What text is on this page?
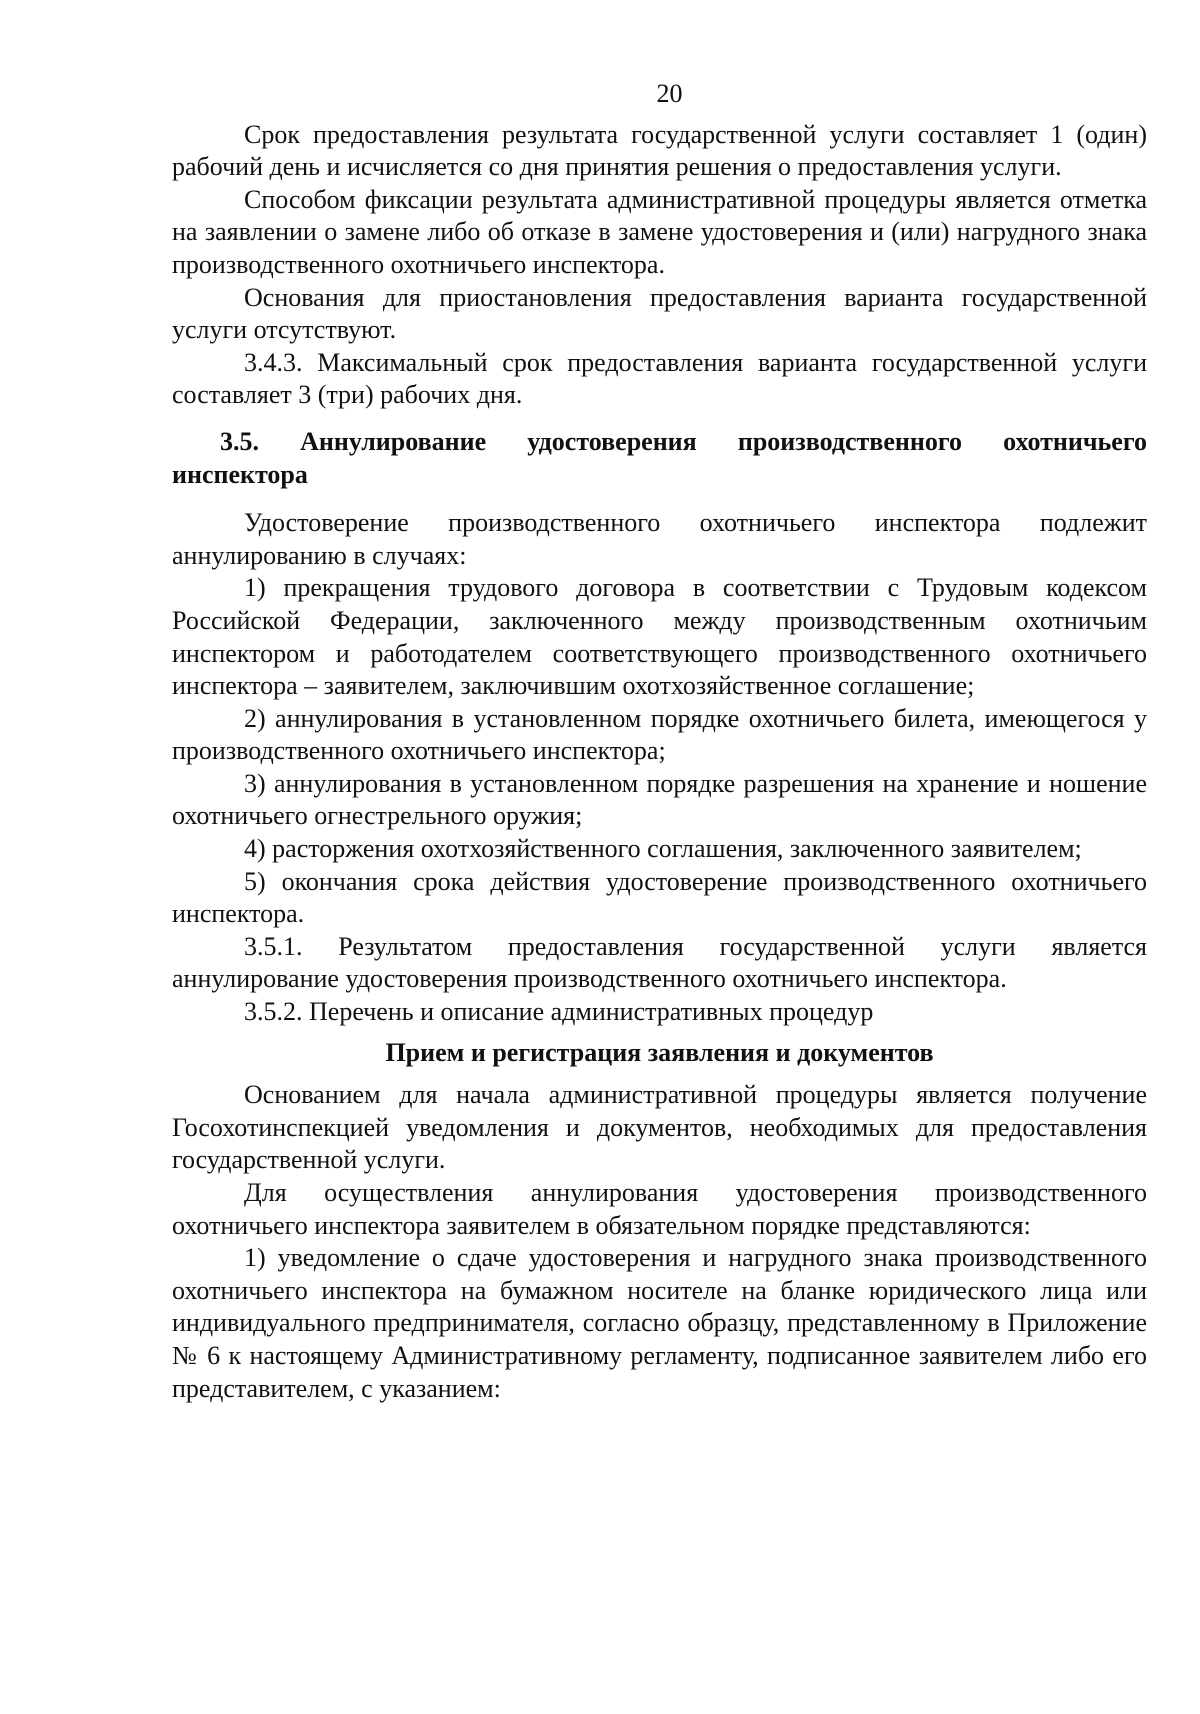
20

Срок предоставления результата государственной услуги составляет 1 (один) рабочий день и исчисляется со дня принятия решения о предоставления услуги.

Способом фиксации результата административной процедуры является отметка на заявлении о замене либо об отказе в замене удостоверения и (или) нагрудного знака производственного охотничьего инспектора.

Основания для приостановления предоставления варианта государственной услуги отсутствуют.

3.4.3. Максимальный срок предоставления варианта государственной услуги составляет 3 (три) рабочих дня.

3.5. Аннулирование удостоверения производственного охотничьего инспектора

Удостоверение производственного охотничьего инспектора подлежит аннулированию в случаях:

1) прекращения трудового договора в соответствии с Трудовым кодексом Российской Федерации, заключенного между производственным охотничьим инспектором и работодателем соответствующего производственного охотничьего инспектора – заявителем, заключившим охотхозяйственное соглашение;

2) аннулирования в установленном порядке охотничьего билета, имеющегося у производственного охотничьего инспектора;

3) аннулирования в установленном порядке разрешения на хранение и ношение охотничьего огнестрельного оружия;

4) расторжения охотхозяйственного соглашения, заключенного заявителем;

5) окончания срока действия удостоверение производственного охотничьего инспектора.

3.5.1. Результатом предоставления государственной услуги является аннулирование удостоверения производственного охотничьего инспектора.

3.5.2. Перечень и описание административных процедур

Прием и регистрация заявления и документов

Основанием для начала административной процедуры является получение Госохотинспекцией уведомления и документов, необходимых для предоставления государственной услуги.

Для осуществления аннулирования удостоверения производственного охотничьего инспектора заявителем в обязательном порядке представляются:

1) уведомление о сдаче удостоверения и нагрудного знака производственного охотничьего инспектора на бумажном носителе на бланке юридического лица или индивидуального предпринимателя, согласно образцу, представленному в Приложение № 6 к настоящему Административному регламенту, подписанное заявителем либо его представителем, с указанием:
